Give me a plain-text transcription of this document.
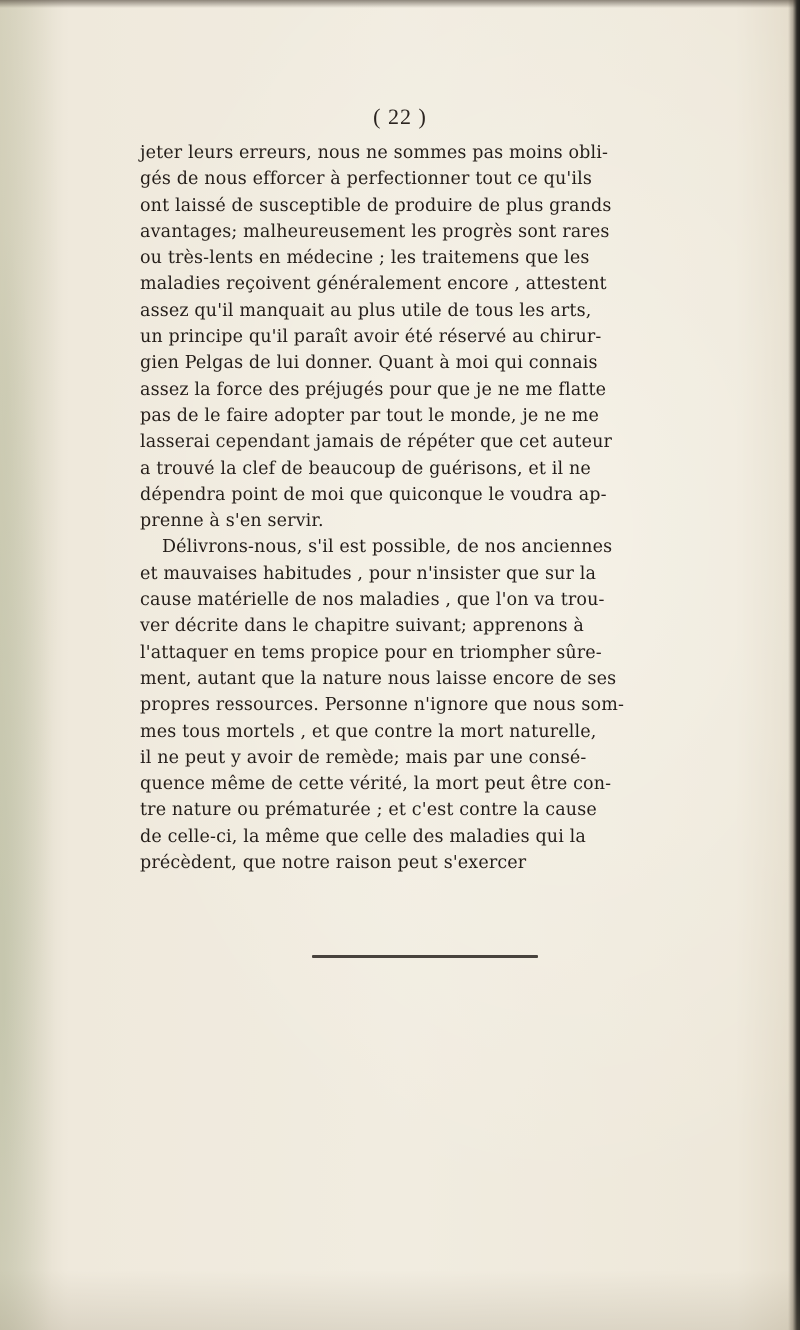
( 22 )
jeter leurs erreurs, nous ne sommes pas moins obli-
gés de nous efforcer à perfectionner tout ce qu'ils
ont laissé de susceptible de produire de plus grands
avantages; malheureusement les progrès sont rares
ou très-lents en médecine ; les traitemens que les
maladies reçoivent généralement encore , attestent
assez qu'il manquait au plus utile de tous les arts,
un principe qu'il paraît avoir été réservé au chirur-
gien Pelgas de lui donner. Quant à moi qui connais
assez la force des préjugés pour que je ne me flatte
pas de le faire adopter par tout le monde, je ne me
lasserai cependant jamais de répéter que cet auteur
a trouvé la clef de beaucoup de guérisons, et il ne
dépendra point de moi que quiconque le voudra ap-
prenne à s'en servir.
Délivrons-nous, s'il est possible, de nos anciennes
et mauvaises habitudes , pour n'insister que sur la
cause matérielle de nos maladies , que l'on va trou-
ver décrite dans le chapitre suivant; apprenons à
l'attaquer en tems propice pour en triompher sûre-
ment, autant que la nature nous laisse encore de ses
propres ressources. Personne n'ignore que nous som-
mes tous mortels , et que contre la mort naturelle,
il ne peut y avoir de remède; mais par une consé-
quence même de cette vérité, la mort peut être con-
tre nature ou prématurée ; et c'est contre la cause
de celle-ci, la même que celle des maladies qui la
précèdent, que notre raison peut s'exercer
